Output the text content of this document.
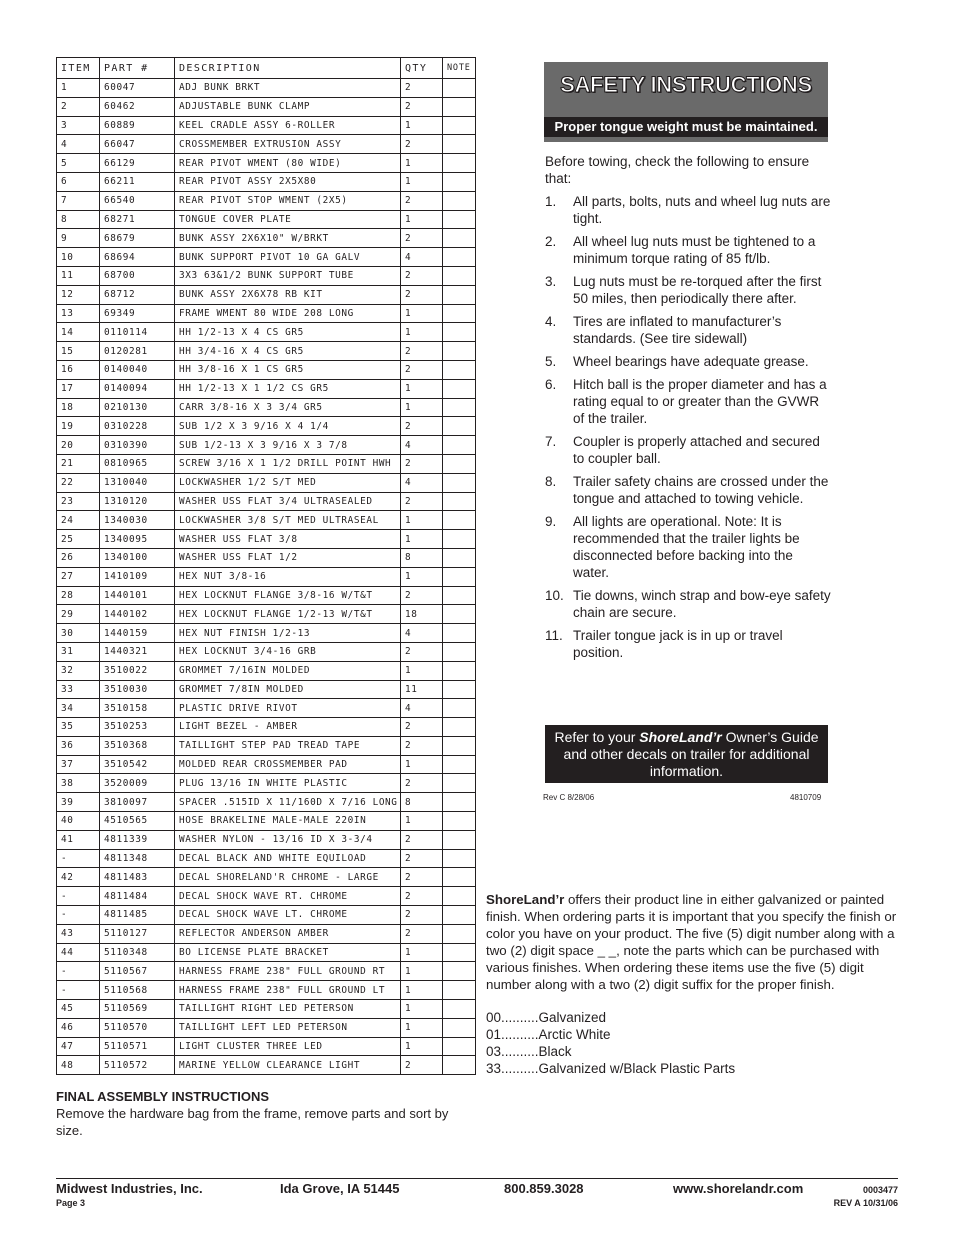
ITEM	PART #	DESCRIPTION	QTY	NOTE
1	60047	ADJ BUNK BRKT	2	
2	60462	ADJUSTABLE BUNK CLAMP	2	
3	60889	KEEL CRADLE ASSY 6-ROLLER	1	
4	66047	CROSSMEMBER EXTRUSION ASSY	2	
5	66129	REAR PIVOT WMENT (80 WIDE)	1	
6	66211	REAR PIVOT ASSY 2X5X80	1	
7	66540	REAR PIVOT STOP WMENT (2X5)	2	
8	68271	TONGUE COVER PLATE	1	
9	68679	BUNK ASSY 2X6X10" W/BRKT	2	
10	68694	BUNK SUPPORT PIVOT 10 GA GALV	4	
11	68700	3X3 63&1/2 BUNK SUPPORT TUBE	2	
12	68712	BUNK ASSY 2X6X78 RB KIT	2	
13	69349	FRAME WMENT 80 WIDE 208 LONG	1	
14	0110114	HH 1/2-13 X 4 CS GR5	1	
15	0120281	HH 3/4-16 X 4 CS GR5	2	
16	0140040	HH 3/8-16 X 1 CS GR5	2	
17	0140094	HH 1/2-13 X 1 1/2 CS GR5	1	
18	0210130	CARR 3/8-16 X 3 3/4 GR5	1	
19	0310228	SUB 1/2 X 3 9/16 X 4 1/4	2	
20	0310390	SUB 1/2-13 X 3 9/16 X 3 7/8	4	
21	0810965	SCREW 3/16 X 1 1/2 DRILL POINT HWH	2	
22	1310040	LOCKWASHER 1/2 S/T MED	4	
23	1310120	WASHER USS FLAT 3/4 ULTRASEALED	2	
24	1340030	LOCKWASHER 3/8 S/T MED ULTRASEAL	1	
25	1340095	WASHER USS FLAT 3/8	1	
26	1340100	WASHER USS FLAT 1/2	8	
27	1410109	HEX NUT 3/8-16	1	
28	1440101	HEX LOCKNUT FLANGE 3/8-16 W/T&T	2	
29	1440102	HEX LOCKNUT FLANGE 1/2-13 W/T&T	18	
30	1440159	HEX NUT FINISH 1/2-13	4	
31	1440321	HEX LOCKNUT 3/4-16 GRB	2	
32	3510022	GROMMET 7/16IN MOLDED	1	
33	3510030	GROMMET 7/8IN MOLDED	11	
34	3510158	PLASTIC DRIVE RIVOT	4	
35	3510253	LIGHT BEZEL - AMBER	2	
36	3510368	TAILLIGHT STEP PAD TREAD TAPE	2	
37	3510542	MOLDED REAR CROSSMEMBER PAD	1	
38	3520009	PLUG 13/16 IN WHITE PLASTIC	2	
39	3810097	SPACER .515ID X 11/160D X 7/16 LONG	8	
40	4510565	HOSE BRAKELINE MALE-MALE 220IN	1	
41	4811339	WASHER NYLON - 13/16 ID X 3-3/4	2	
-	4811348	DECAL BLACK AND WHITE EQUILOAD	2	
42	4811483	DECAL SHORELAND'R CHROME - LARGE	2	
-	4811484	DECAL SHOCK WAVE RT. CHROME	2	
-	4811485	DECAL SHOCK WAVE LT. CHROME	2	
43	5110127	REFLECTOR ANDERSON AMBER	2	
44	5110348	BO LICENSE PLATE BRACKET	1	
-	5110567	HARNESS FRAME 238" FULL GROUND RT	1	
-	5110568	HARNESS FRAME 238" FULL GROUND LT	1	
45	5110569	TAILLIGHT RIGHT LED PETERSON	1	
46	5110570	TAILLIGHT LEFT LED PETERSON	1	
47	5110571	LIGHT CLUSTER THREE LED	1	
48	5110572	MARINE YELLOW CLEARANCE LIGHT	2	
FINAL ASSEMBLY INSTRUCTIONS
Remove the hardware bag from the frame, remove parts and sort by size.
SAFETY INSTRUCTIONS
Proper tongue weight must be maintained.
Before towing, check the following to ensure that:
1. All parts, bolts, nuts and wheel lug nuts are tight.
2. All wheel lug nuts must be tightened to a minimum torque rating of 85 ft/lb.
3. Lug nuts must be re-torqued after the first 50 miles, then periodically there after.
4. Tires are inflated to manufacturer’s standards. (See tire sidewall)
5. Wheel bearings have adequate grease.
6. Hitch ball is the proper diameter and has a rating equal to or greater than the GVWR of the trailer.
7. Coupler is properly attached and secured to coupler ball.
8. Trailer safety chains are crossed under the tongue and attached to towing vehicle.
9. All lights are operational. Note: It is recommended that the trailer lights be disconnected before backing into the water.
10. Tie downs, winch strap and bow-eye safety chain are secure.
11. Trailer tongue jack is in up or travel position.
Refer to your ShoreLand’r Owner’s Guide and other decals on trailer for additional information.
Rev C 8/28/06	4810709
ShoreLand’r offers their product line in either galvanized or painted finish. When ordering parts it is important that you specify the finish or color you have on your product. The five (5) digit number along with a two (2) digit space _ _, note the parts which can be purchased with various finishes. When ordering these items use the five (5) digit number along with a two (2) digit suffix for the proper finish.
00..........Galvanized
01..........Arctic White
03..........Black
33..........Galvanized w/Black Plastic Parts
Midwest Industries, Inc.	Ida Grove, IA 51445	800.859.3028	www.shorelandr.com	0003477
Page 3	REV A 10/31/06
